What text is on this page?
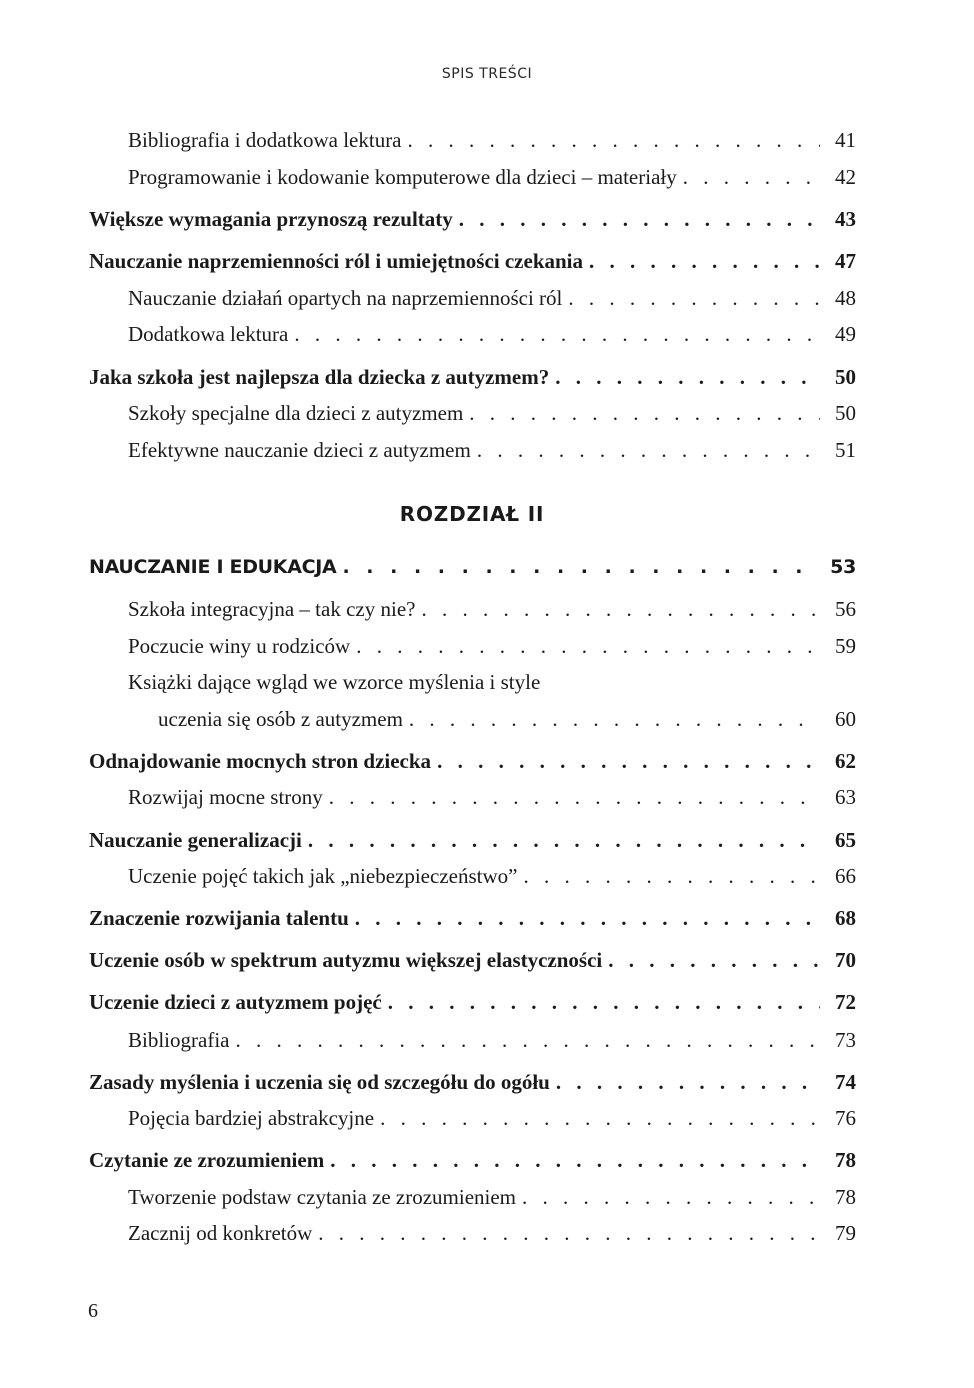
SPIS TREŚCI
Bibliografia i dodatkowa lektura . . .	41
Programowanie i kodowanie komputerowe dla dzieci – materiały . . .	42
Większe wymagania przynoszą rezultaty . . .	43
Nauczanie naprzemienności ról i umiejętności czekania . . .	47
Nauczanie działań opartych na naprzemienności ról . . .	48
Dodatkowa lektura . . .	49
Jaka szkoła jest najlepsza dla dziecka z autyzmem? . . .	50
Szkoły specjalne dla dzieci z autyzmem . . .	50
Efektywne nauczanie dzieci z autyzmem . . .	51
ROZDZIAŁ II
NAUCZANIE I EDUKACJA . . .	53
Szkoła integracyjna – tak czy nie? . . .	56
Poczucie winy u rodziców . . .	59
Książki dające wgląd we wzorce myślenia i style
uczenia się osób z autyzmem . . .	60
Odnajdowanie mocnych stron dziecka . . .	62
Rozwijaj mocne strony . . .	63
Nauczanie generalizacji . . .	65
Uczenie pojęć takich jak „niebezpieczeństwo” . . .	66
Znaczenie rozwijania talentu . . .	68
Uczenie osób w spektrum autyzmu większej elastyczności . . .	70
Uczenie dzieci z autyzmem pojęć . . .	72
Bibliografia . . .	73
Zasady myślenia i uczenia się od szczegółu do ogółu . . .	74
Pojęcia bardziej abstrakcyjne . . .	76
Czytanie ze zrozumieniem . . .	78
Tworzenie podstaw czytania ze zrozumieniem . . .	78
Zacznij od konkretów . . .	79
6
